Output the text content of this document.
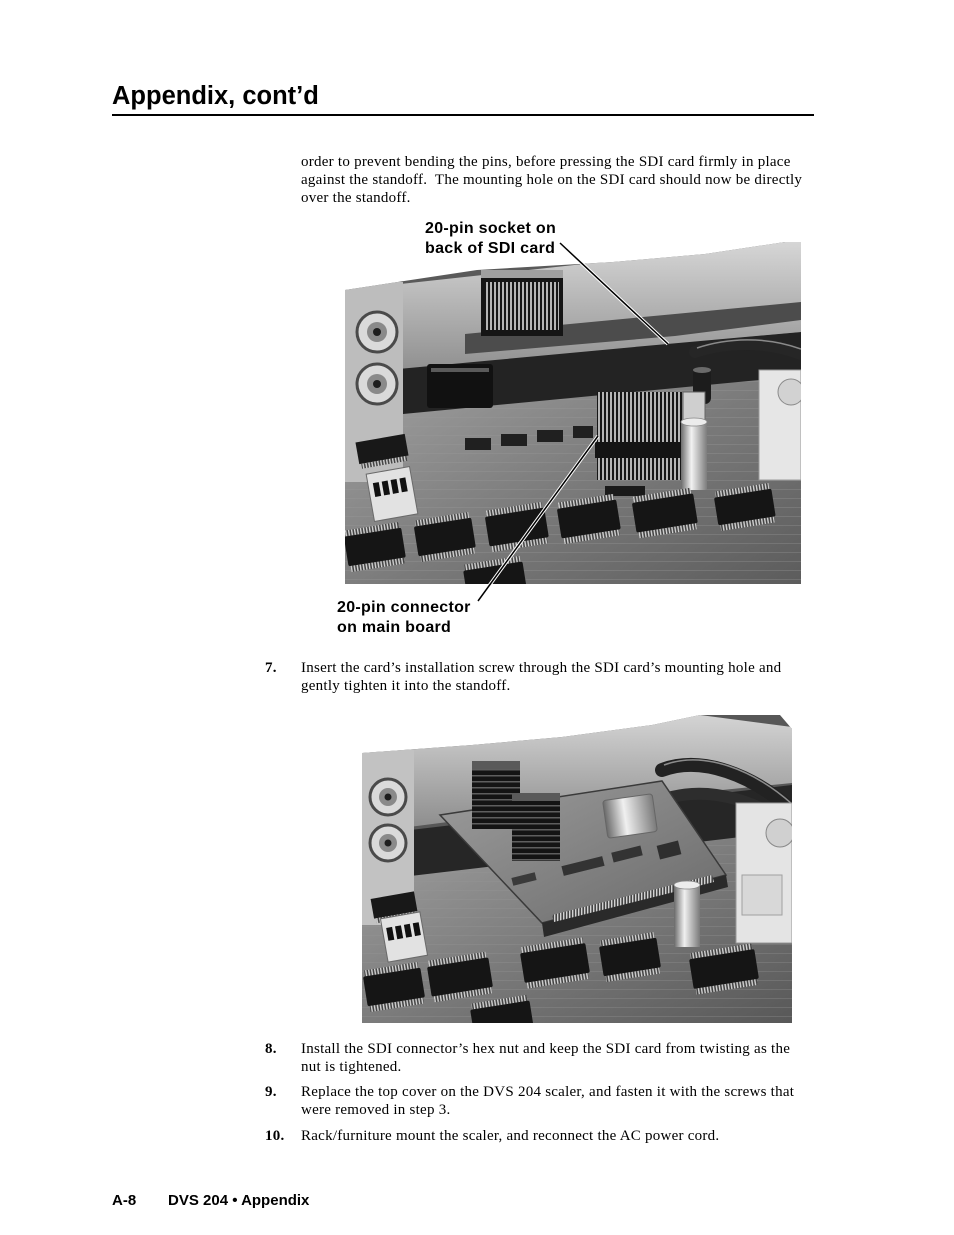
Appendix, cont’d

order to prevent bending the pins, before pressing the SDI card firmly in place against the standoff.  The mounting hole on the SDI card should now be directly over the standoff.

20-pin socket on
back of SDI card
20-pin connector
on main board
7. Insert the card’s installation screw through the SDI card’s mounting hole and gently tighten it into the standoff.
8. Install the SDI connector’s hex nut and keep the SDI card from twisting as the nut is tightened.
9. Replace the top cover on the DVS 204 scaler, and fasten it with the screws that were removed in step 3.
10. Rack/furniture mount the scaler, and reconnect the AC power cord.
A-8 DVS 204 • Appendix
